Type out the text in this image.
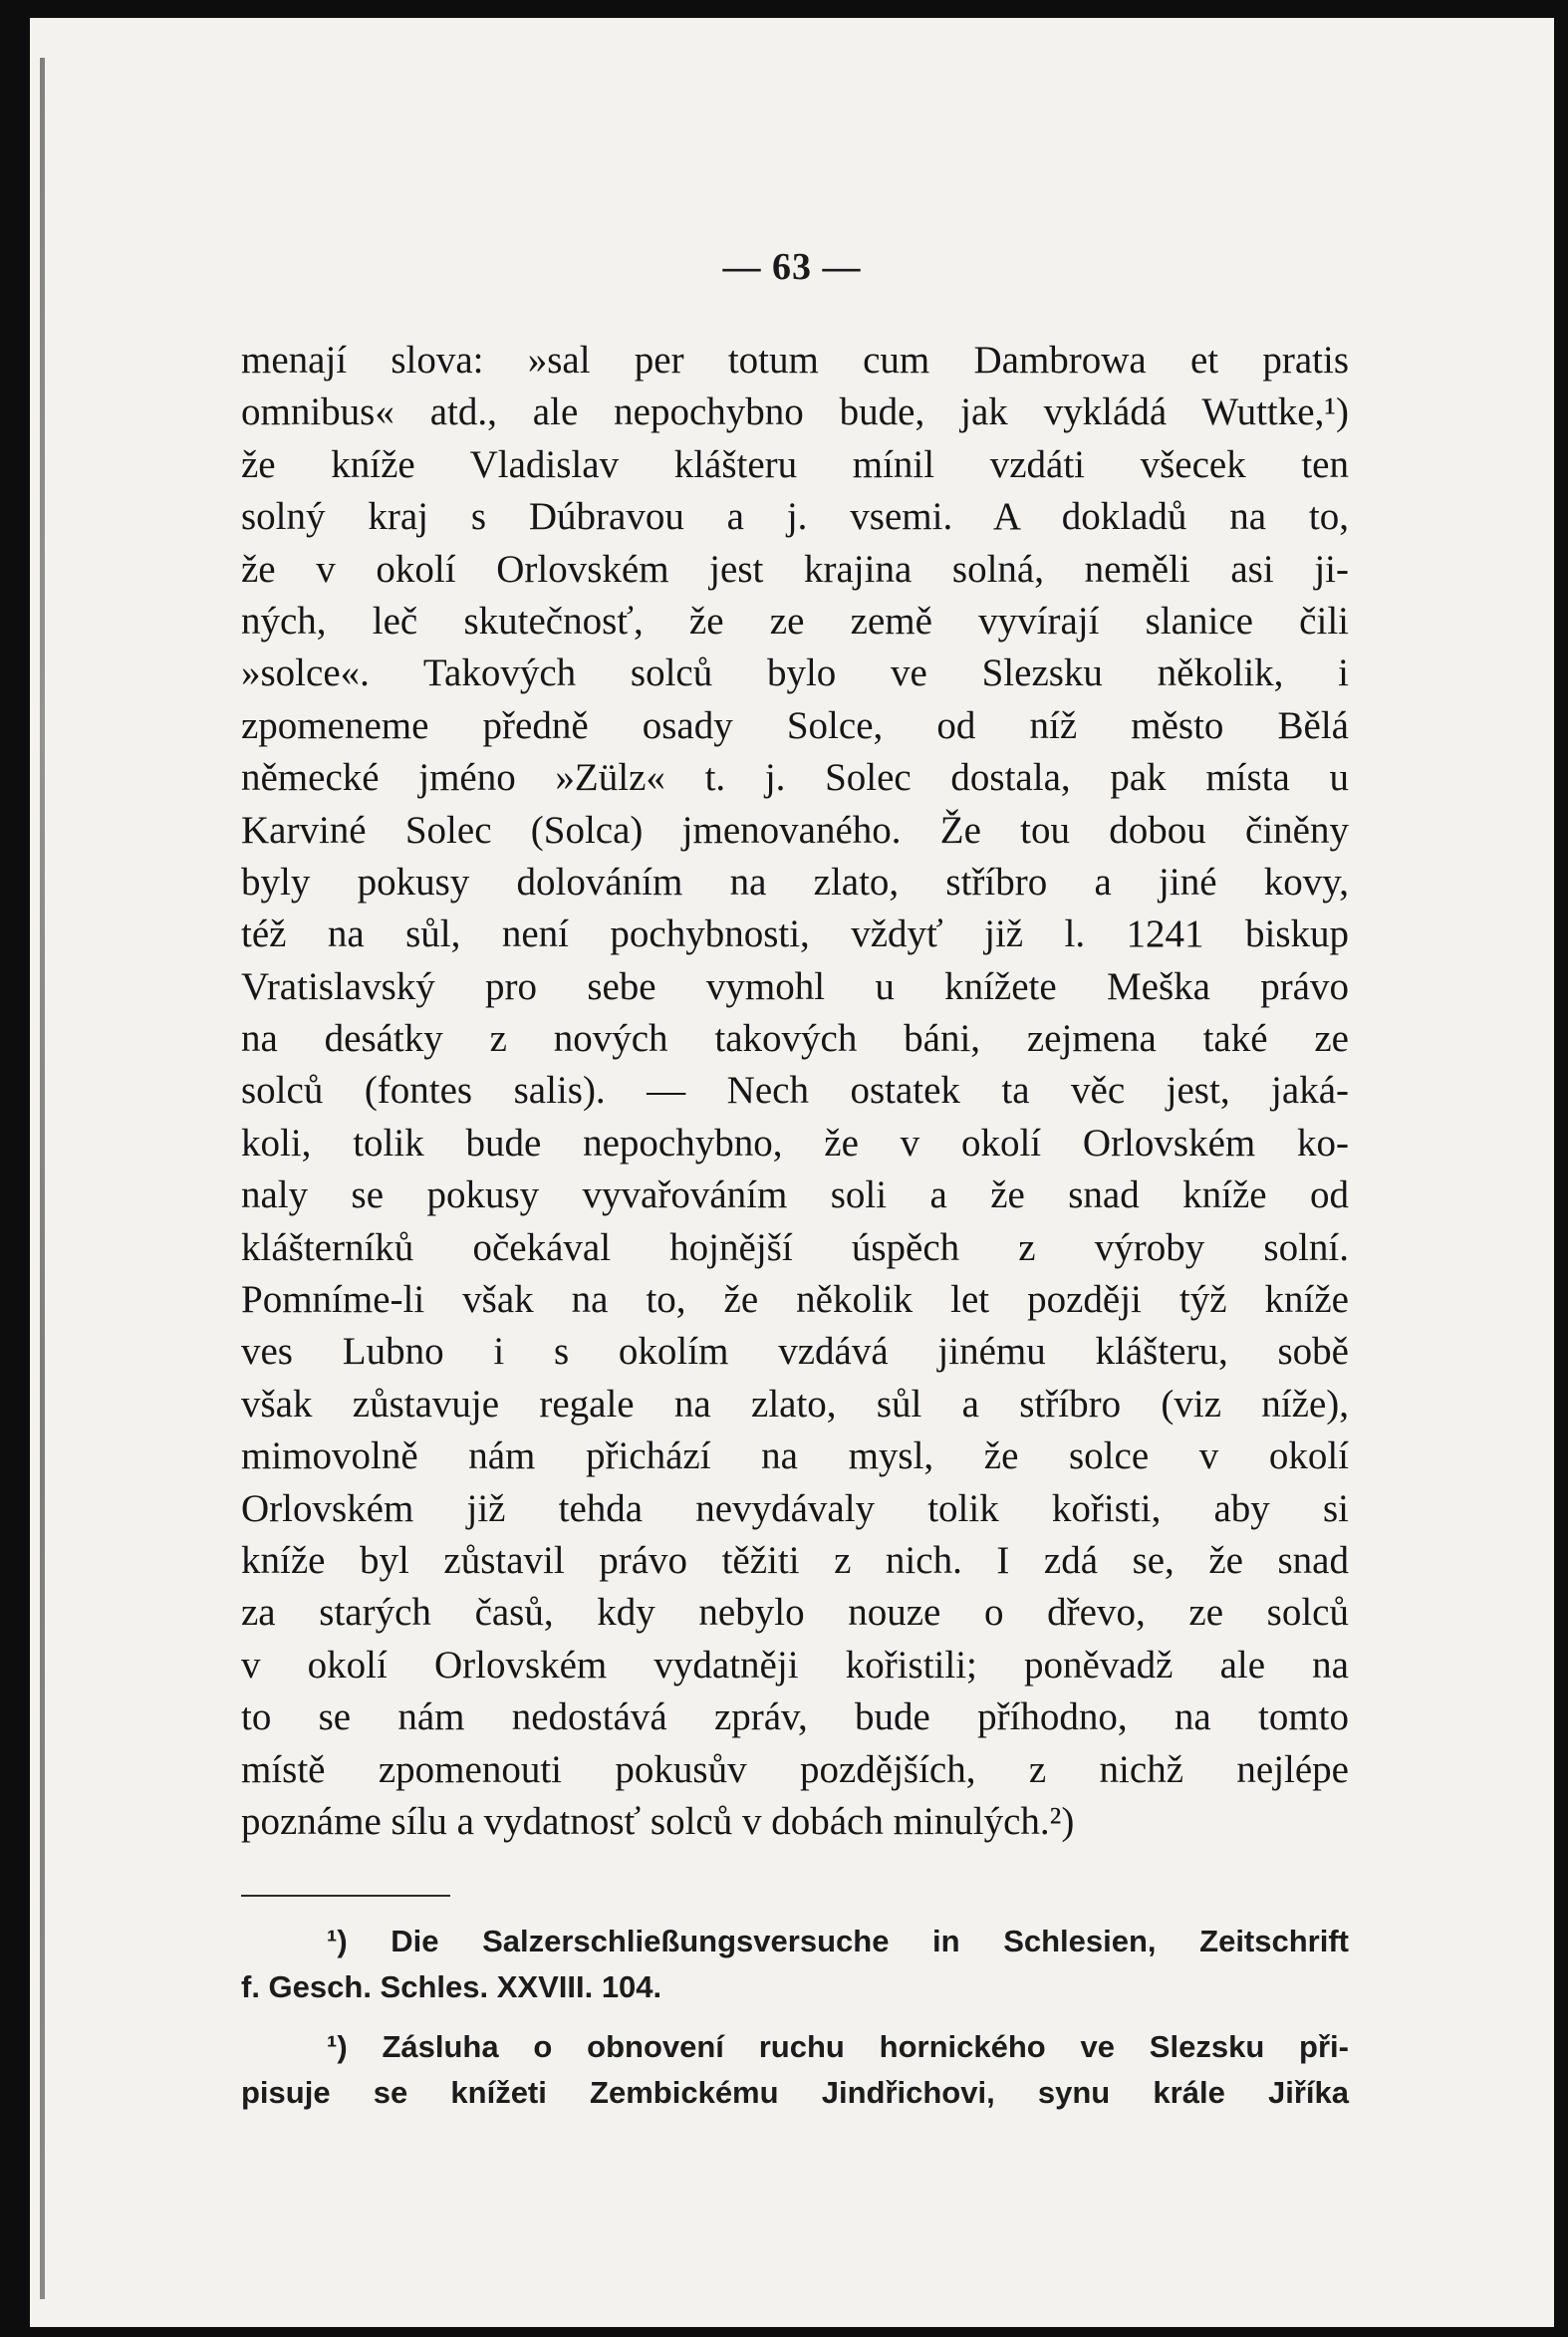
— 63 —
menají slova: »sal per totum cum Dambrowa et pratis
omnibus« atd., ale nepochybno bude, jak vykládá Wuttke,¹)
že kníže Vladislav klášteru mínil vzdáti všecek ten
solný kraj s Dúbravou a j. vsemi. A dokladů na to,
že v okolí Orlovském jest krajina solná, neměli asi ji-
ných, leč skutečnosť, že ze země vyvírají slanice čili
»solce«. Takových solců bylo ve Slezsku několik, i
zpomeneme předně osady Solce, od níž město Bělá
německé jméno »Zülz« t. j. Solec dostala, pak místa u
Karviné Solec (Solca) jmenovaného. Že tou dobou činěny
byly pokusy dolováním na zlato, stříbro a jiné kovy,
též na sůl, není pochybnosti, vždyť již l. 1241 biskup
Vratislavský pro sebe vymohl u knížete Meška právo
na desátky z nových takových báni, zejmena také ze
solců (fontes salis). — Nech ostatek ta věc jest, jaká-
koli, tolik bude nepochybno, že v okolí Orlovském ko-
naly se pokusy vyvařováním soli a že snad kníže od
klášterníků očekával hojnější úspěch z výroby solní.
Pomníme-li však na to, že několik let později týž kníže
ves Lubno i s okolím vzdává jinému klášteru, sobě
však zůstavuje regale na zlato, sůl a stříbro (viz níže),
mimovolně nám přichází na mysl, že solce v okolí
Orlovském již tehda nevydávaly tolik kořisti, aby si
kníže byl zůstavil právo těžiti z nich. I zdá se, že snad
za starých časů, kdy nebylo nouze o dřevo, ze solců
v okolí Orlovském vydatněji kořistili; poněvadž ale na
to se nám nedostává zpráv, bude příhodno, na tomto
místě zpomenouti pokusův pozdějších, z nichž nejlépe
poznáme sílu a vydatnosť solců v dobách minulých.²)
¹) Die Salzerschließungsversuche in Schlesien, Zeitschrift
f. Gesch. Schles. XXVIII. 104.
¹) Zásluha o obnovení ruchu hornického ve Slezsku při-
pisuje se knížeti Zembickému Jindřichovi, synu krále Jiříka
